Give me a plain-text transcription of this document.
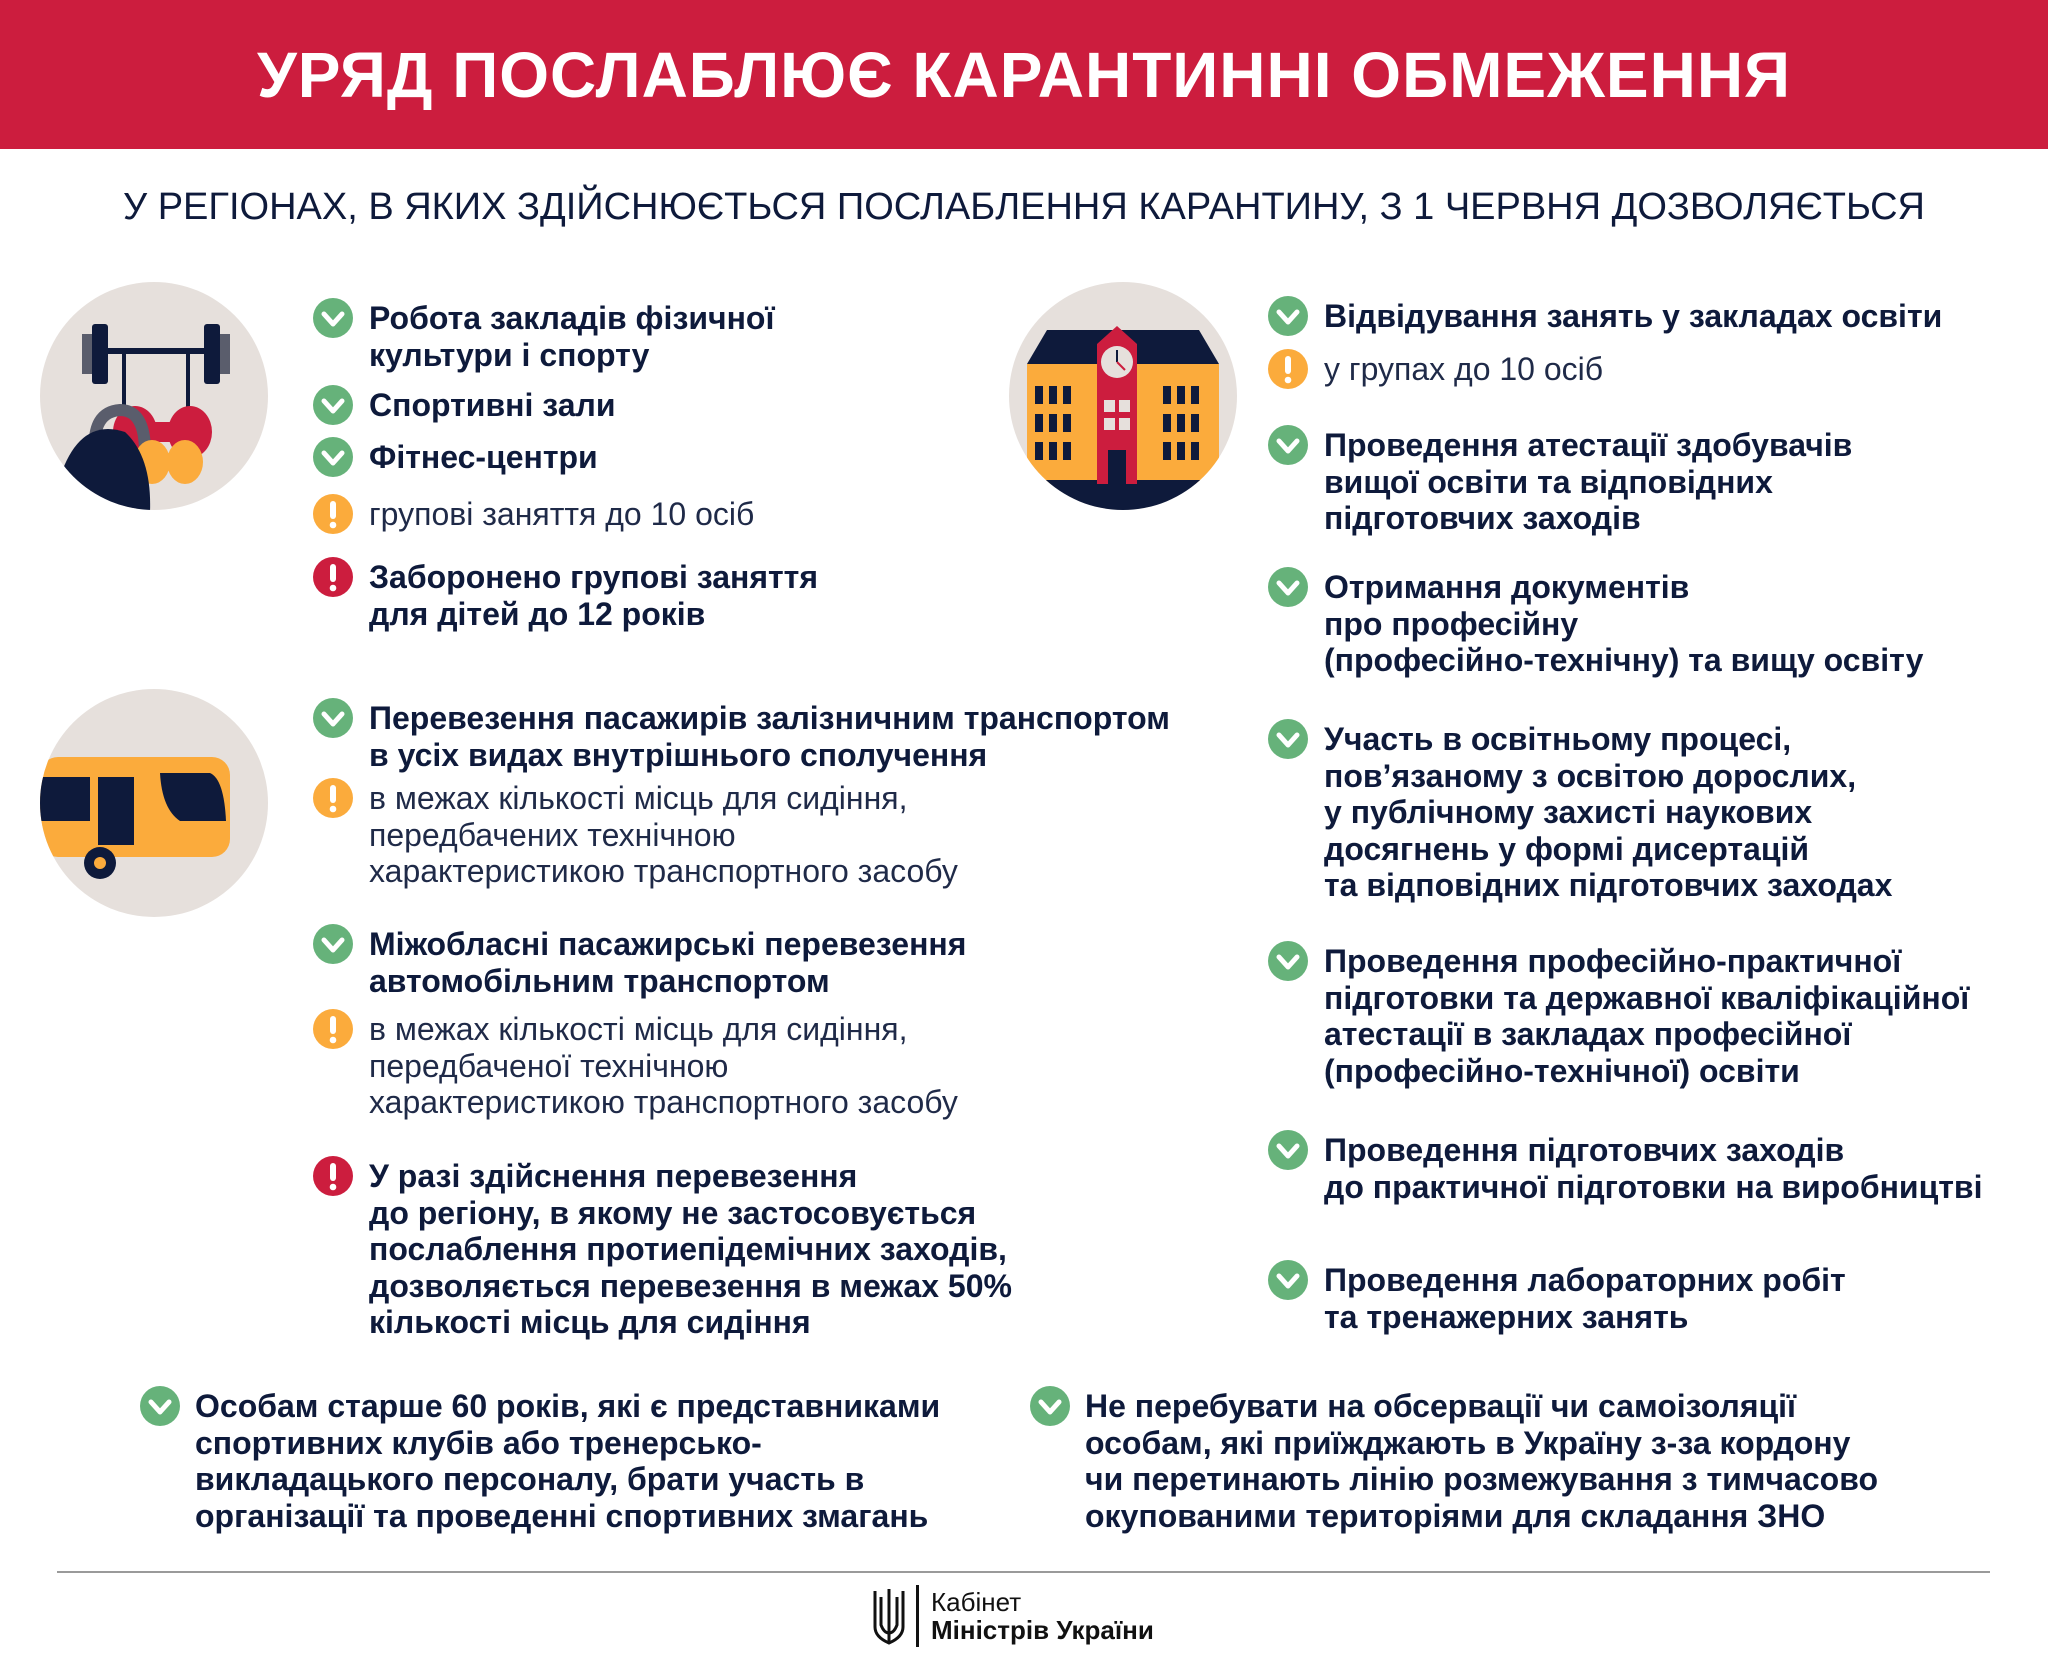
УРЯД ПОСЛАБЛЮЄ КАРАНТИННІ ОБМЕЖЕННЯ
У РЕГІОНАХ, В ЯКИХ ЗДІЙСНЮЄТЬСЯ ПОСЛАБЛЕННЯ КАРАНТИНУ, З 1 ЧЕРВНЯ ДОЗВОЛЯЄТЬСЯ
Робота закладів фізичної
культури і спорту
Спортивні зали
Фітнес-центри
групові заняття до 10 осіб
Заборонено групові заняття
для дітей до 12 років
Перевезення пасажирів залізничним транспортом
в усіх видах внутрішнього сполучення
в межах кількості місць для сидіння,
передбачених технічною
характеристикою транспортного засобу
Міжобласні пасажирські перевезення
автомобільним транспортом
в межах кількості місць для сидіння,
передбаченої технічною
характеристикою транспортного засобу
У разі здійснення перевезення
до регіону, в якому не застосовується
послаблення протиепідемічних заходів,
дозволяється перевезення в межах 50%
кількості місць для сидіння
Відвідування занять у закладах освіти
у групах до 10 осіб
Проведення атестації здобувачів
вищої освіти та відповідних
підготовчих заходів
Отримання документів
про професійну
(професійно-технічну) та вищу освіту
Участь в освітньому процесі,
пов’язаному з освітою дорослих,
у публічному захисті наукових
досягнень у формі дисертацій
та відповідних підготовчих заходах
Проведення професійно-практичної
підготовки та державної кваліфікаційної
атестації в закладах професійної
(професійно-технічної) освіти
Проведення підготовчих заходів
до практичної підготовки на виробництві
Проведення лабораторних робіт
та тренажерних занять
Особам старше 60 років, які є представниками
спортивних клубів або тренерсько-
викладацького персоналу, брати участь в
організації та проведенні спортивних змагань
Не перебувати на обсервації чи самоізоляції
особам, які приїжджають в Україну з-за кордону
чи перетинають лінію розмежування з тимчасово
окупованими територіями для складання ЗНО
Кабінет
Міністрів України
